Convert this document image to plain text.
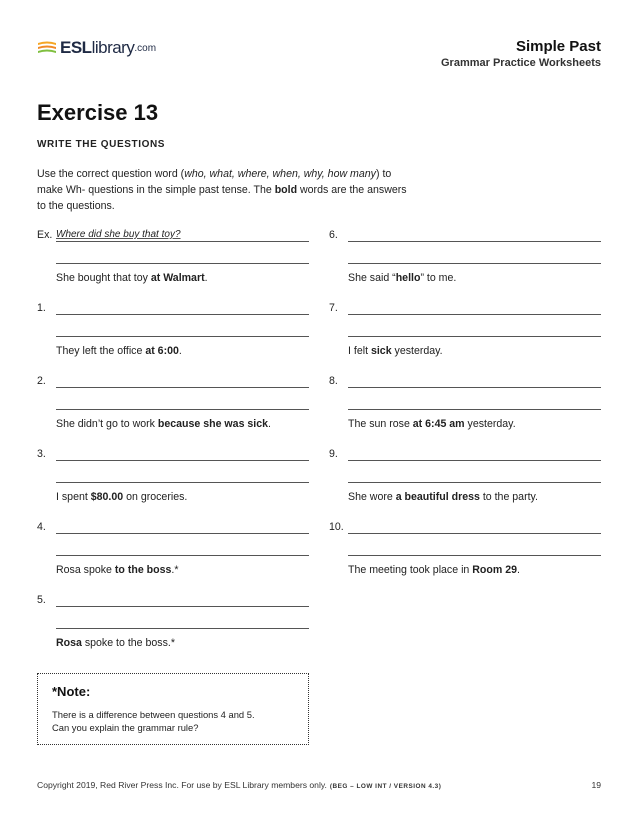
ESL library .com	Simple Past
Grammar Practice Worksheets
Exercise 13
WRITE THE QUESTIONS
Use the correct question word (who, what, where, when, why, how many) to make Wh- questions in the simple past tense. The bold words are the answers to the questions.
Ex. Where did she buy that toy?
She bought that toy at Walmart.
1.
They left the office at 6:00.
2.
She didn’t go to work because she was sick.
3.
I spent $80.00 on groceries.
4.
Rosa spoke to the boss.*
5.
Rosa spoke to the boss.*
6.
She said “hello” to me.
7.
I felt sick yesterday.
8.
The sun rose at 6:45 am yesterday.
9.
She wore a beautiful dress to the party.
10.
The meeting took place in Room 29.
*Note:
There is a difference between questions 4 and 5.
Can you explain the grammar rule?
Copyright 2019, Red River Press Inc. For use by ESL Library members only. (BEG – LOW INT / VERSION 4.3)	19
